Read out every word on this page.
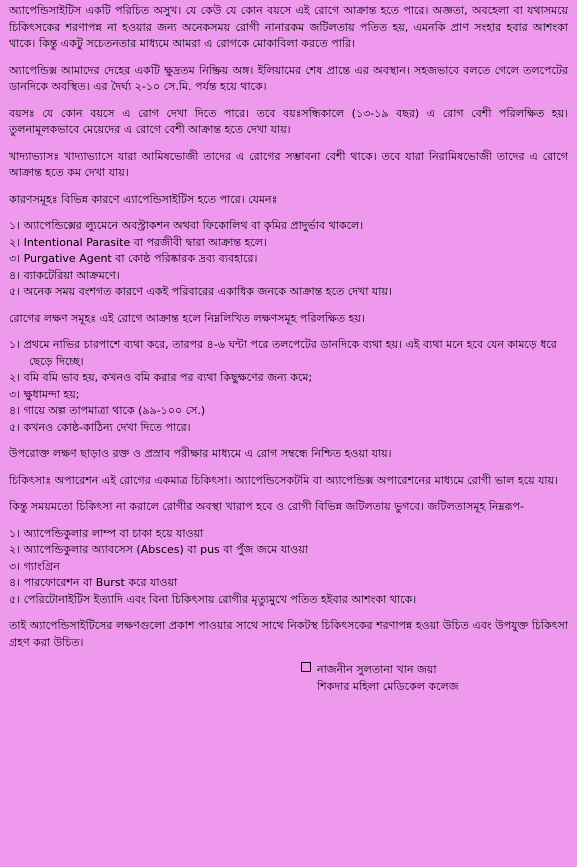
অ্যাপেন্ডিসাইটিস একটি পরিচিত অসুখ। যে কেউ যে কোন বয়সে এই রোগে আক্রান্ত হতে পারে। অজ্ঞতা, অবহেলা বা যথাসময়ে চিকিৎসকের শরণাপন্ন না হওয়ার জন্য অনেকসময় রোগী নানারকম জটিলতায় পতিত হয়, এমনকি প্রাণ সংহার হবার আশংকা থাকে। কিন্তু একটু সচেতনতার মাধ্যমে আমরা এ রোগকে মোকাবিলা করতে পারি।

অ্যাপেন্ডিক্স আমাদের দেহের একটি ক্ষুদ্রতম নিষ্ক্রিয় অঙ্গ। ইলিয়ামের শেষ প্রান্তে এর অবস্থান। সহজভাবে বলতে গেলে তলপেটের ডানদিকে অবস্থিত। এর দৈর্ঘ্য ২-১০ সে.মি. পর্যন্ত হয়ে থাকে।

বয়সঃ যে কোন বয়সে এ রোগ দেখা দিতে পারে। তবে বয়ঃসন্ধিকালে (১৩-১৯ বছর) এ রোগ বেশী পরিলক্ষিত হয়। তুলনামূলকভাবে মেয়েদের এ রোগে বেশী আক্রান্ত হতে দেখা যায়।

খাদ্যাভ্যাসঃ খাদ্যাভ্যাসে যারা আমিষভোজী তাদের এ রোগের সম্ভাবনা বেশী থাকে। তবে যারা নিরামিষভোজী তাদের এ রোগে আক্রান্ত হতে কম দেখা যায়।

কারণসমূহঃ বিভিন্ন কারণে এ্যাপেন্ডিসাইটিস হতে পারে। যেমনঃ

১। অ্যাপেন্ডিক্সের ল্যুমেনে অবস্ট্রাকশন অথবা ফিকোলিথ বা কৃমির প্রাদুর্ভাব থাকলে।
২। Intentional Parasite বা পরজীবী দ্বারা আক্রান্ত হলে।
৩। Purgative Agent বা কোষ্ঠ পরিষ্কারক দ্রব্য ব্যবহারে।
৪। ব্যাকটেরিয়া আক্রমণে।
৫। অনেক সময় বংশগত কারণে একই পরিবারের একাধিক জনকে আক্রান্ত হতে দেখা যায়।

রোগের লক্ষণ সমূহঃ এই রোগে আক্রান্ত হলে নিম্নলিখিত লক্ষণসমূহ পরিলক্ষিত হয়।

১। প্রথমে নাভির চারপাশে ব্যথা করে, তারপর ৪-৬ ঘন্টা পরে তলপেটের ডানদিকে ব্যথা হয়। এই ব্যথা মনে হবে যেন কামড়ে ধরে ছেড়ে দিচ্ছে।
২। বমি বমি ভাব হয়, কখনও বমি করার পর ব্যথা কিছুক্ষণের জন্য কমে;
৩। ক্ষুধামন্দা হয়;
৪। গায়ে অল্প তাপমাত্রা থাকে (৯৯-১০০ সে.)
৫। কখনও কোষ্ঠ-কাঠিন্য দেখা দিতে পারে।

উপরোক্ত লক্ষণ ছাড়াও রক্ত ও প্রস্রাব পরীক্ষার মাধ্যমে এ রোগ সম্বন্ধে নিশ্চিত হওয়া যায়।

চিকিৎসাঃ অপারেশন এই রোগের একমাত্র চিকিৎসা। অ্যাপেন্ডিসেকটমি বা অ্যাপেন্ডিক্স অপারেশনের মাধ্যমে রোগী ভাল হয়ে যায়।

কিন্তু সময়মতো চিকিৎসা না করালে রোগীর অবস্থা খারাপ হবে ও রোগী বিভিন্ন জটিলতায় ভুগবে। জটিলতাসমূহ নিম্নরূপ-

১। অ্যাপেন্ডিকুলার লাম্প বা চাকা হয়ে যাওয়া
২। অ্যাপেন্ডিকুলার অ্যাবসেস (Absces) বা pus বা পুঁজ জমে যাওয়া
৩। গ্যাংগ্রিন
৪। পারফোরেশন বা Burst করে যাওয়া
৫। পেরিটোনাইটিস ইত্যাদি এবং বিনা চিকিৎসায় রোগীর মৃত্যুমুখে পতিত হইবার আশংকা থাকে।

তাই অ্যাপেন্ডিসাইটিসের লক্ষণগুলো প্রকাশ পাওয়ার সাথে সাথে নিকটস্থ চিকিৎসকের শরণাপন্ন হওয়া উচিত এবং উপযুক্ত চিকিৎসা গ্রহণ করা উচিত।

নাজনীন সুলতানা খান জয়া
শিকদার মহিলা মেডিকেল কলেজ
